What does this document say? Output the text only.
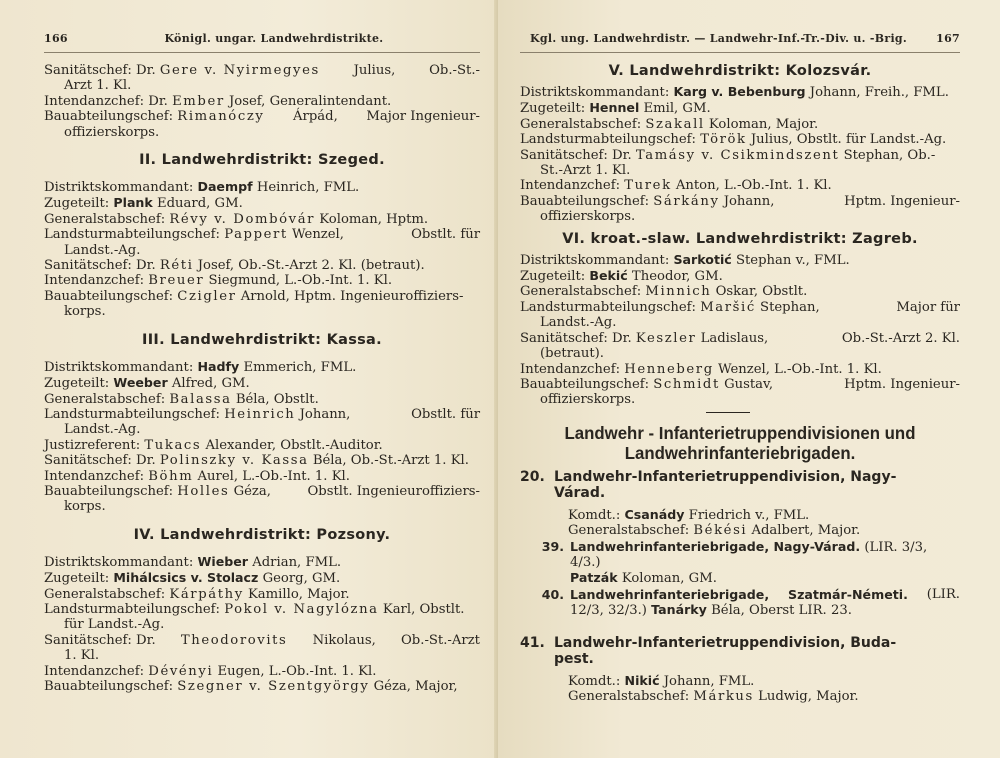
166	Königl. ungar. Landwehrdistrikte.
Sanitätschef: Dr. Gere v. Nyirmegyes	Julius,	Ob.-St.-
Arzt 1. Kl.
Intendanzchef: Dr. Ember Josef, Generalintendant.
Bauabteilungschef: Rimanóczy Árpád, Major Ingenieur-
offizierskorps.
II. Landwehrdistrikt: Szeged.
Distriktskommandant: Daempf Heinrich, FML.
Zugeteilt: Plank Eduard, GM.
Generalstabschef: Révy v. Dombóvár Koloman, Hptm.
Landsturmabteilungschef: Pappert Wenzel,	Obstlt. für
Landst.-Ag.
Sanitätschef: Dr. Réti Josef, Ob.-St.-Arzt 2. Kl. (betraut).
Intendanzchef: Breuer Siegmund, L.-Ob.-Int. 1. Kl.
Bauabteilungschef: Czigler Arnold, Hptm. Ingenieuroffiziers-
korps.
III. Landwehrdistrikt: Kassa.
Distriktskommandant: Hadfy Emmerich, FML.
Zugeteilt: Weeber Alfred, GM.
Generalstabschef: Balassa Béla, Obstlt.
Landsturmabteilungschef: Heinrich Johann,	Obstlt. für
Landst.-Ag.
Justizreferent: Tukacs Alexander, Obstlt.-Auditor.
Sanitätschef: Dr. Polinszky v. Kassa Béla, Ob.-St.-Arzt 1. Kl.
Intendanzchef: Böhm Aurel, L.-Ob.-Int. 1. Kl.
Bauabteilungschef: Holles Géza,	Obstlt. Ingenieuroffiziers-
korps.
IV. Landwehrdistrikt: Pozsony.
Distriktskommandant: Wieber Adrian, FML.
Zugeteilt: Mihálcsics v. Stolacz Georg, GM.
Generalstabschef: Kárpáthy Kamillo, Major.
Landsturmabteilungschef: Pokol v. Nagylózna Karl, Obstlt.
für Landst.-Ag.
Sanitätschef: Dr. Theodorovits Nikolaus, Ob.-St.-Arzt
1. Kl.
Intendanzchef: Dévényi Eugen, L.-Ob.-Int. 1. Kl.
Bauabteilungschef: Szegner v. Szentgyörgy Géza, Major,
Kgl. ung. Landwehrdistr. — Landwehr-Inf.-Tr.-Div. u. -Brig.	167
V. Landwehrdistrikt: Kolozsvár.
Distriktskommandant: Karg v. Bebenburg Johann, Freih., FML.
Zugeteilt: Hennel Emil, GM.
Generalstabschef: Szakall Koloman, Major.
Landsturmabteilungschef: Török Julius, Obstlt. für Landst.-Ag.
Sanitätschef: Dr. Tamásy v. Csikmindszent Stephan, Ob.-
St.-Arzt 1. Kl.
Intendanzchef: Turek Anton, L.-Ob.-Int. 1. Kl.
Bauabteilungschef: Sárkány Johann,	Hptm. Ingenieur-
offizierskorps.
VI. kroat.-slaw. Landwehrdistrikt: Zagreb.
Distriktskommandant: Sarkotić Stephan v., FML.
Zugeteilt: Bekić Theodor, GM.
Generalstabschef: Minnich Oskar, Obstlt.
Landsturmabteilungschef: Maršić Stephan,	Major für
Landst.-Ag.
Sanitätschef: Dr. Keszler Ladislaus,	Ob.-St.-Arzt 2. Kl.
(betraut).
Intendanzchef: Henneberg Wenzel, L.-Ob.-Int. 1. Kl.
Bauabteilungschef: Schmidt Gustav,	Hptm. Ingenieur-
offizierskorps.
Landwehr - Infanterietruppendivisionen und
Landwehrinfanteriebrigaden.
20. Landwehr-Infanterietruppendivision, Nagy-
Várad.
Komdt.: Csanády Friedrich v., FML.
Generalstabschef: Békési Adalbert, Major.
39. Landwehrinfanteriebrigade, Nagy-Várad. (LIR. 3/3, 4/3.)
Patzák Koloman, GM.
40. Landwehrinfanteriebrigade, Szatmár-Németi. (LIR.
12/3, 32/3.) Tanárky Béla, Oberst LIR. 23.
41. Landwehr-Infanterietruppendivision, Buda-
pest.
Komdt.: Nikić Johann, FML.
Generalstabschef: Márkus Ludwig, Major.
